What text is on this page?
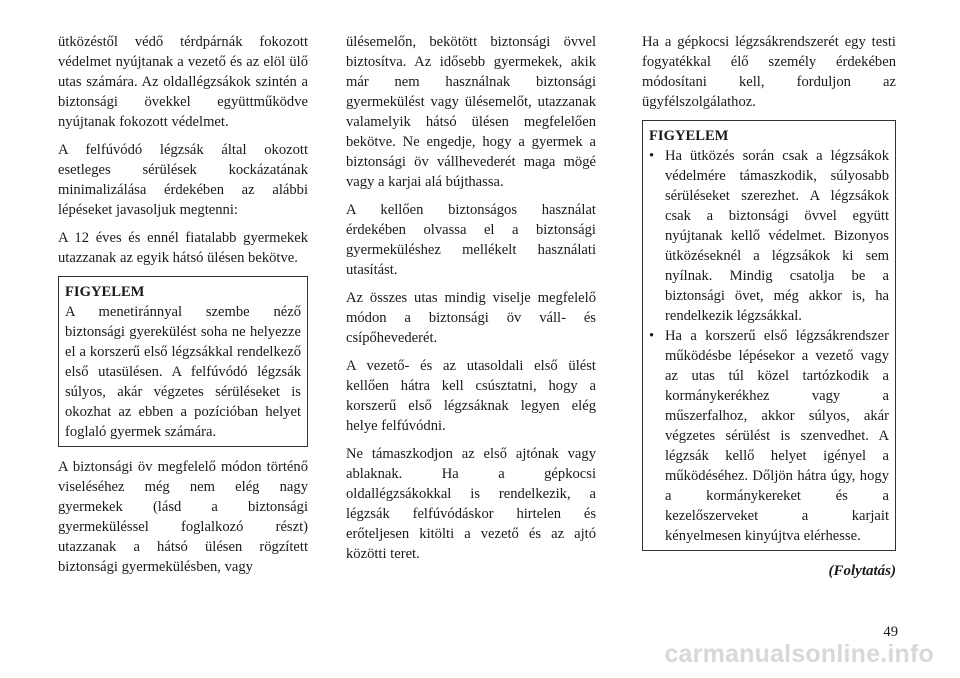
ütközéstől védő térdpárnák fokozott védelmet nyújtanak a vezető és az elöl ülő utas számára. Az oldallégzsákok szintén a biztonsági övekkel együttműködve nyújtanak fokozott védelmet.

A felfúvódó légzsák által okozott esetleges sérülések kockázatának minimalizálása érdekében az alábbi lépéseket javasoljuk megtenni:

A 12 éves és ennél fiatalabb gyermekek utazzanak az egyik hátsó ülésen bekötve.

FIGYELEM

A menetiránnyal szembe néző biztonsági gyerekülést soha ne helyezze el a korszerű első légzsákkal rendelkező első utasülésen. A felfúvódó légzsák súlyos, akár végzetes sérüléseket is okozhat az ebben a pozícióban helyet foglaló gyermek számára.

A biztonsági öv megfelelő módon történő viseléséhez még nem elég nagy gyermekek (lásd a biztonsági gyermeküléssel foglalkozó részt) utazzanak a hátsó ülésen rögzített biztonsági gyermekülésben, vagy

ülésemelőn, bekötött biztonsági övvel biztosítva. Az idősebb gyermekek, akik már nem használnak biztonsági gyermekülést vagy ülésemelőt, utazzanak valamelyik hátsó ülésen megfelelően bekötve. Ne engedje, hogy a gyermek a biztonsági öv vállhevederét maga mögé vagy a karjai alá bújthassa.

A kellően biztonságos használat érdekében olvassa el a biztonsági gyermeküléshez mellékelt használati utasítást.

Az összes utas mindig viselje megfelelő módon a biztonsági öv váll- és csípőhevederét.

A vezető- és az utasoldali első ülést kellően hátra kell csúsztatni, hogy a korszerű első légzsáknak legyen elég helye felfúvódni.

Ne támaszkodjon az első ajtónak vagy ablaknak. Ha a gépkocsi oldallégzsákokkal is rendelkezik, a légzsák felfúvódáskor hirtelen és erőteljesen kitölti a vezető és az ajtó közötti teret.

Ha a gépkocsi légzsákrendszerét egy testi fogyatékkal élő személy érdekében módosítani kell, forduljon az ügyfélszolgálathoz.

FIGYELEM
• Ha ütközés során csak a légzsákok védelmére támaszkodik, súlyosabb sérüléseket szerezhet. A légzsákok csak a biztonsági övvel együtt nyújtanak kellő védelmet. Bizonyos ütközéseknél a légzsákok ki sem nyílnak. Mindig csatolja be a biztonsági övet, még akkor is, ha rendelkezik légzsákkal.
• Ha a korszerű első légzsákrendszer működésbe lépésekor a vezető vagy az utas túl közel tartózkodik a kormánykerékhez vagy a műszerfalhoz, akkor súlyos, akár végzetes sérülést is szenvedhet. A légzsák kellő helyet igényel a működéséhez. Dőljön hátra úgy, hogy a kormánykereket és a kezelőszerveket a karjait kényelmesen kinyújtva elérhesse.
(Folytatás)
49
carmanualsonline.info
